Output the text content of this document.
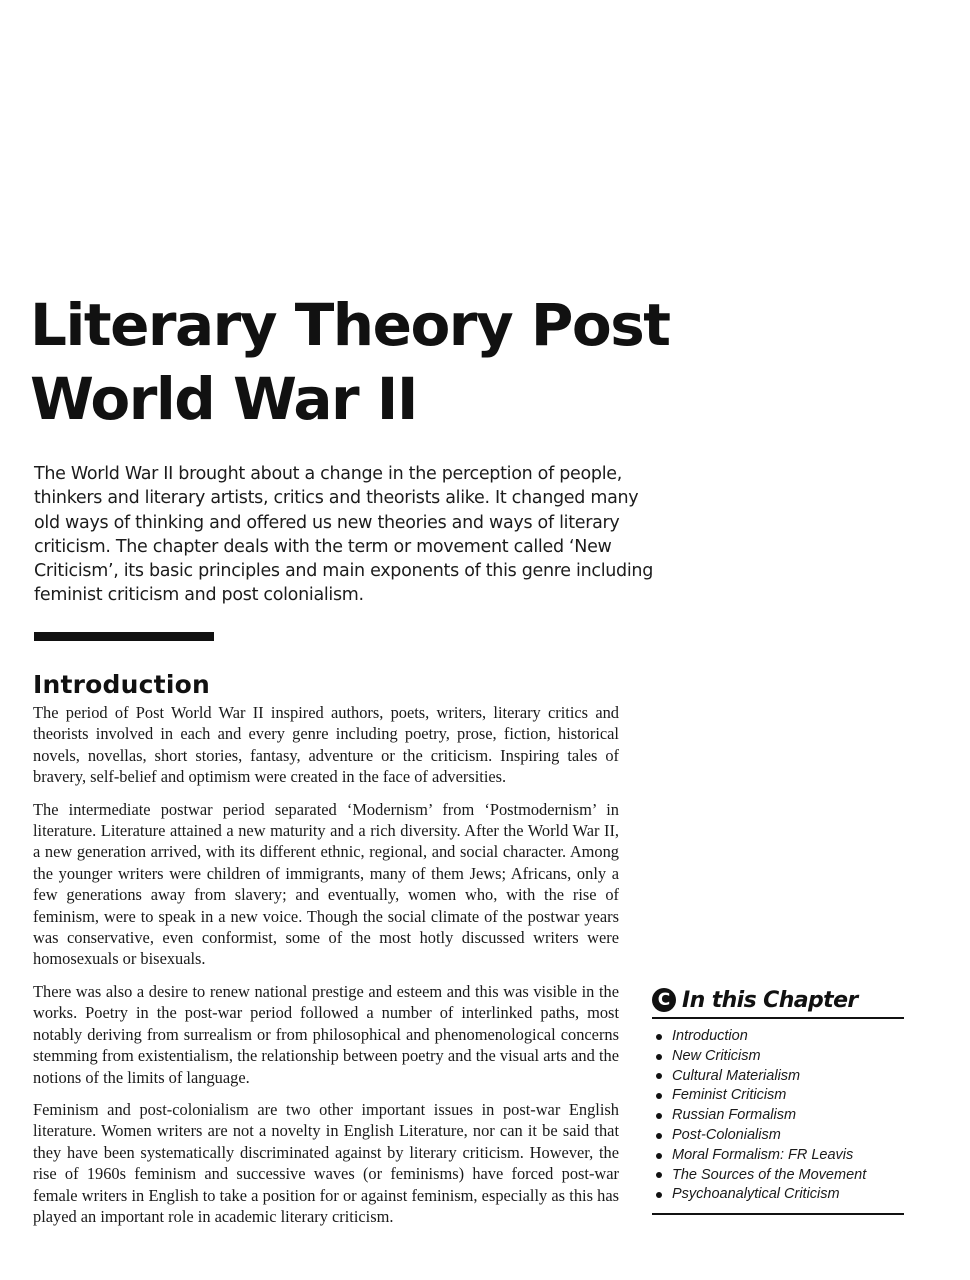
Literary Theory Post
World War II

The World War II brought about a change in the perception of people, thinkers and literary artists, critics and theorists alike. It changed many old ways of thinking and offered us new theories and ways of literary criticism. The chapter deals with the term or movement called ‘New Criticism’, its basic principles and main exponents of this genre including feminist criticism and post colonialism.

Introduction

The period of Post World War II inspired authors, poets, writers, literary critics and theorists involved in each and every genre including poetry, prose, fiction, historical novels, novellas, short stories, fantasy, adventure or the criticism. Inspiring tales of bravery, self-belief and optimism were created in the face of adversities.

The intermediate postwar period separated ‘Modernism’ from ‘Postmodernism’ in literature. Literature attained a new maturity and a rich diversity. After the World War II, a new generation arrived, with its different ethnic, regional, and social character. Among the younger writers were children of immigrants, many of them Jews; Africans, only a few generations away from slavery; and eventually, women who, with the rise of feminism, were to speak in a new voice. Though the social climate of the postwar years was conservative, even conformist, some of the most hotly discussed writers were homosexuals or bisexuals.

There was also a desire to renew national prestige and esteem and this was visible in the works. Poetry in the post-war period followed a number of interlinked paths, most notably deriving from surrealism or from philosophical and phenomenological concerns stemming from existentialism, the relationship between poetry and the visual arts and the notions of the limits of language.

Feminism and post-colonialism are two other important issues in post-war English literature. Women writers are not a novelty in English Literature, nor can it be said that they have been systematically discriminated against by literary criticism. However, the rise of 1960s feminism and successive waves (or feminisms) have forced post-war female writers in English to take a position for or against feminism, especially as this has played an important role in academic literary criticism.

C In this Chapter
Introduction
New Criticism
Cultural Materialism
Feminist Criticism
Russian Formalism
Post-Colonialism
Moral Formalism: FR Leavis
The Sources of the Movement
Psychoanalytical Criticism
